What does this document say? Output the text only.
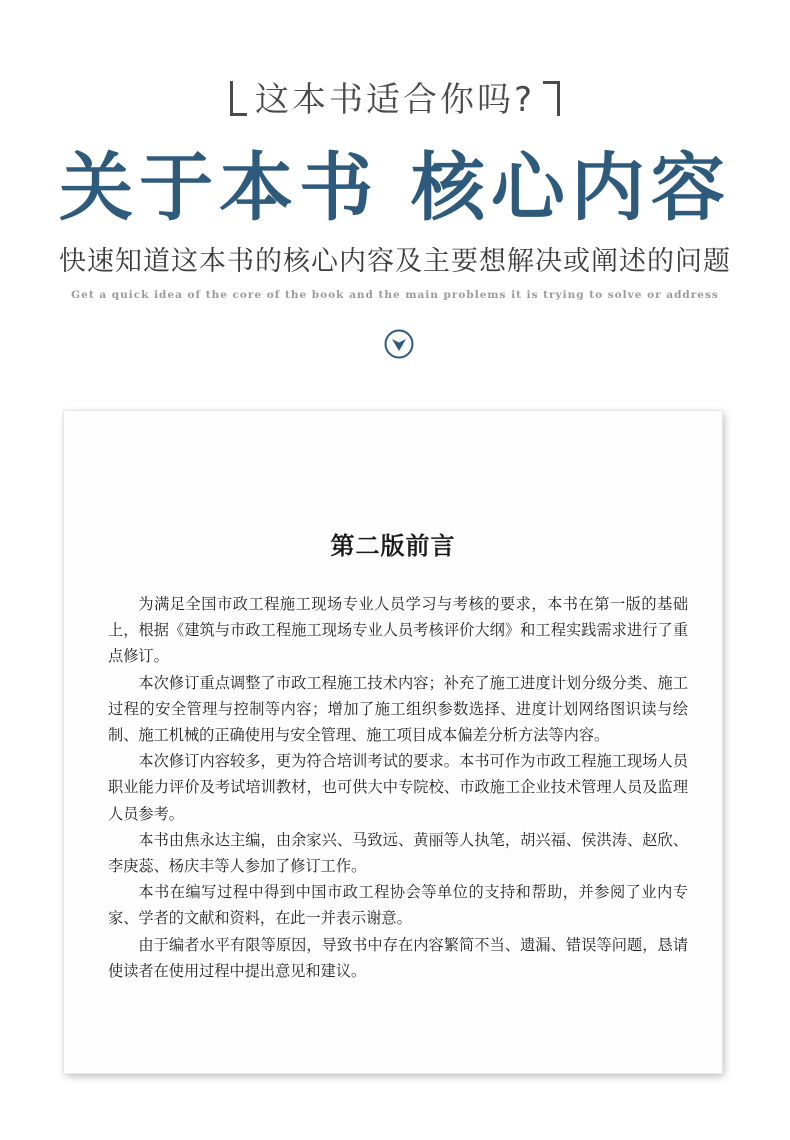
这本书适合你吗?
关于本书 核心内容
快速知道这本书的核心内容及主要想解决或阐述的问题
Get a quick idea of the core of the book and the main problems it is trying to solve or address
第二版前言

为满足全国市政工程施工现场专业人员学习与考核的要求，本书在第一版的基础上，根据《建筑与市政工程施工现场专业人员考核评价大纲》和工程实践需求进行了重点修订。

本次修订重点调整了市政工程施工技术内容；补充了施工进度计划分级分类、施工过程的安全管理与控制等内容；增加了施工组织参数选择、进度计划网络图识读与绘制、施工机械的正确使用与安全管理、施工项目成本偏差分析方法等内容。

本次修订内容较多，更为符合培训考试的要求。本书可作为市政工程施工现场人员职业能力评价及考试培训教材，也可供大中专院校、市政施工企业技术管理人员及监理人员参考。

本书由焦永达主编，由余家兴、马致远、黄丽等人执笔，胡兴福、侯洪涛、赵欣、李庚蕊、杨庆丰等人参加了修订工作。

本书在编写过程中得到中国市政工程协会等单位的支持和帮助，并参阅了业内专家、学者的文献和资料，在此一并表示谢意。

由于编者水平有限等原因，导致书中存在内容繁简不当、遗漏、错误等问题，恳请使读者在使用过程中提出意见和建议。
